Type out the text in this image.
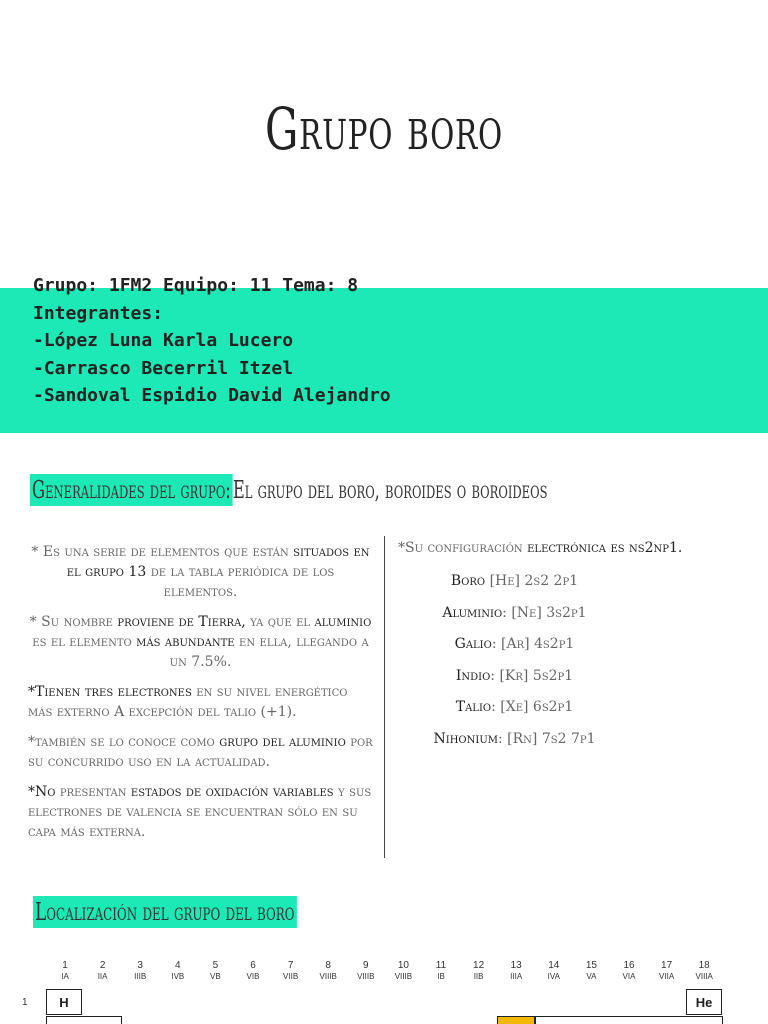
Grupo boro
Grupo: 1FM2 Equipo: 11 Tema: 8
Integrantes:
-López Luna Karla Lucero
-Carrasco Becerril Itzel
-Sandoval Espidio David Alejandro
Generalidades del grupo:El grupo del boro, boroides o boroideos

* Es una serie de elementos que están situados en el grupo 13 de la tabla periódica de los elementos.

* Su nombre proviene de Tierra, ya que el aluminio es el elemento más abundante en ella, llegando a un 7.5%.

*Tienen tres electrones en su nivel energético más externo A excepción del talio (+1).

*también se lo conoce como grupo del aluminio por su concurrido uso en la actualidad.

*No presentan estados de oxidación variables y sus electrones de valencia se encuentran sólo en su capa más externa.

*Su configuración electrónica es ns2np1.
Boro [He] 2s2 2p1
Aluminio: [Ne] 3s2p1
Galio: [Ar] 4s2p1
Indio: [Kr] 5s2p1
Talio: [Xe] 6s2p1
Nihonium: [Rn] 7s2 7p1
Localización del grupo del boro
1	H	He
1
IA
2
IIA
3
IIIB
4
IVB
5
VB
6
VIB
7
VIIB
8
VIIIB
9
VIIIB
10
VIIIB
11
IB
12
IIB
13
IIIA
14
IVA
15
VA
16
VIA
17
VIIA
18
VIIIA
